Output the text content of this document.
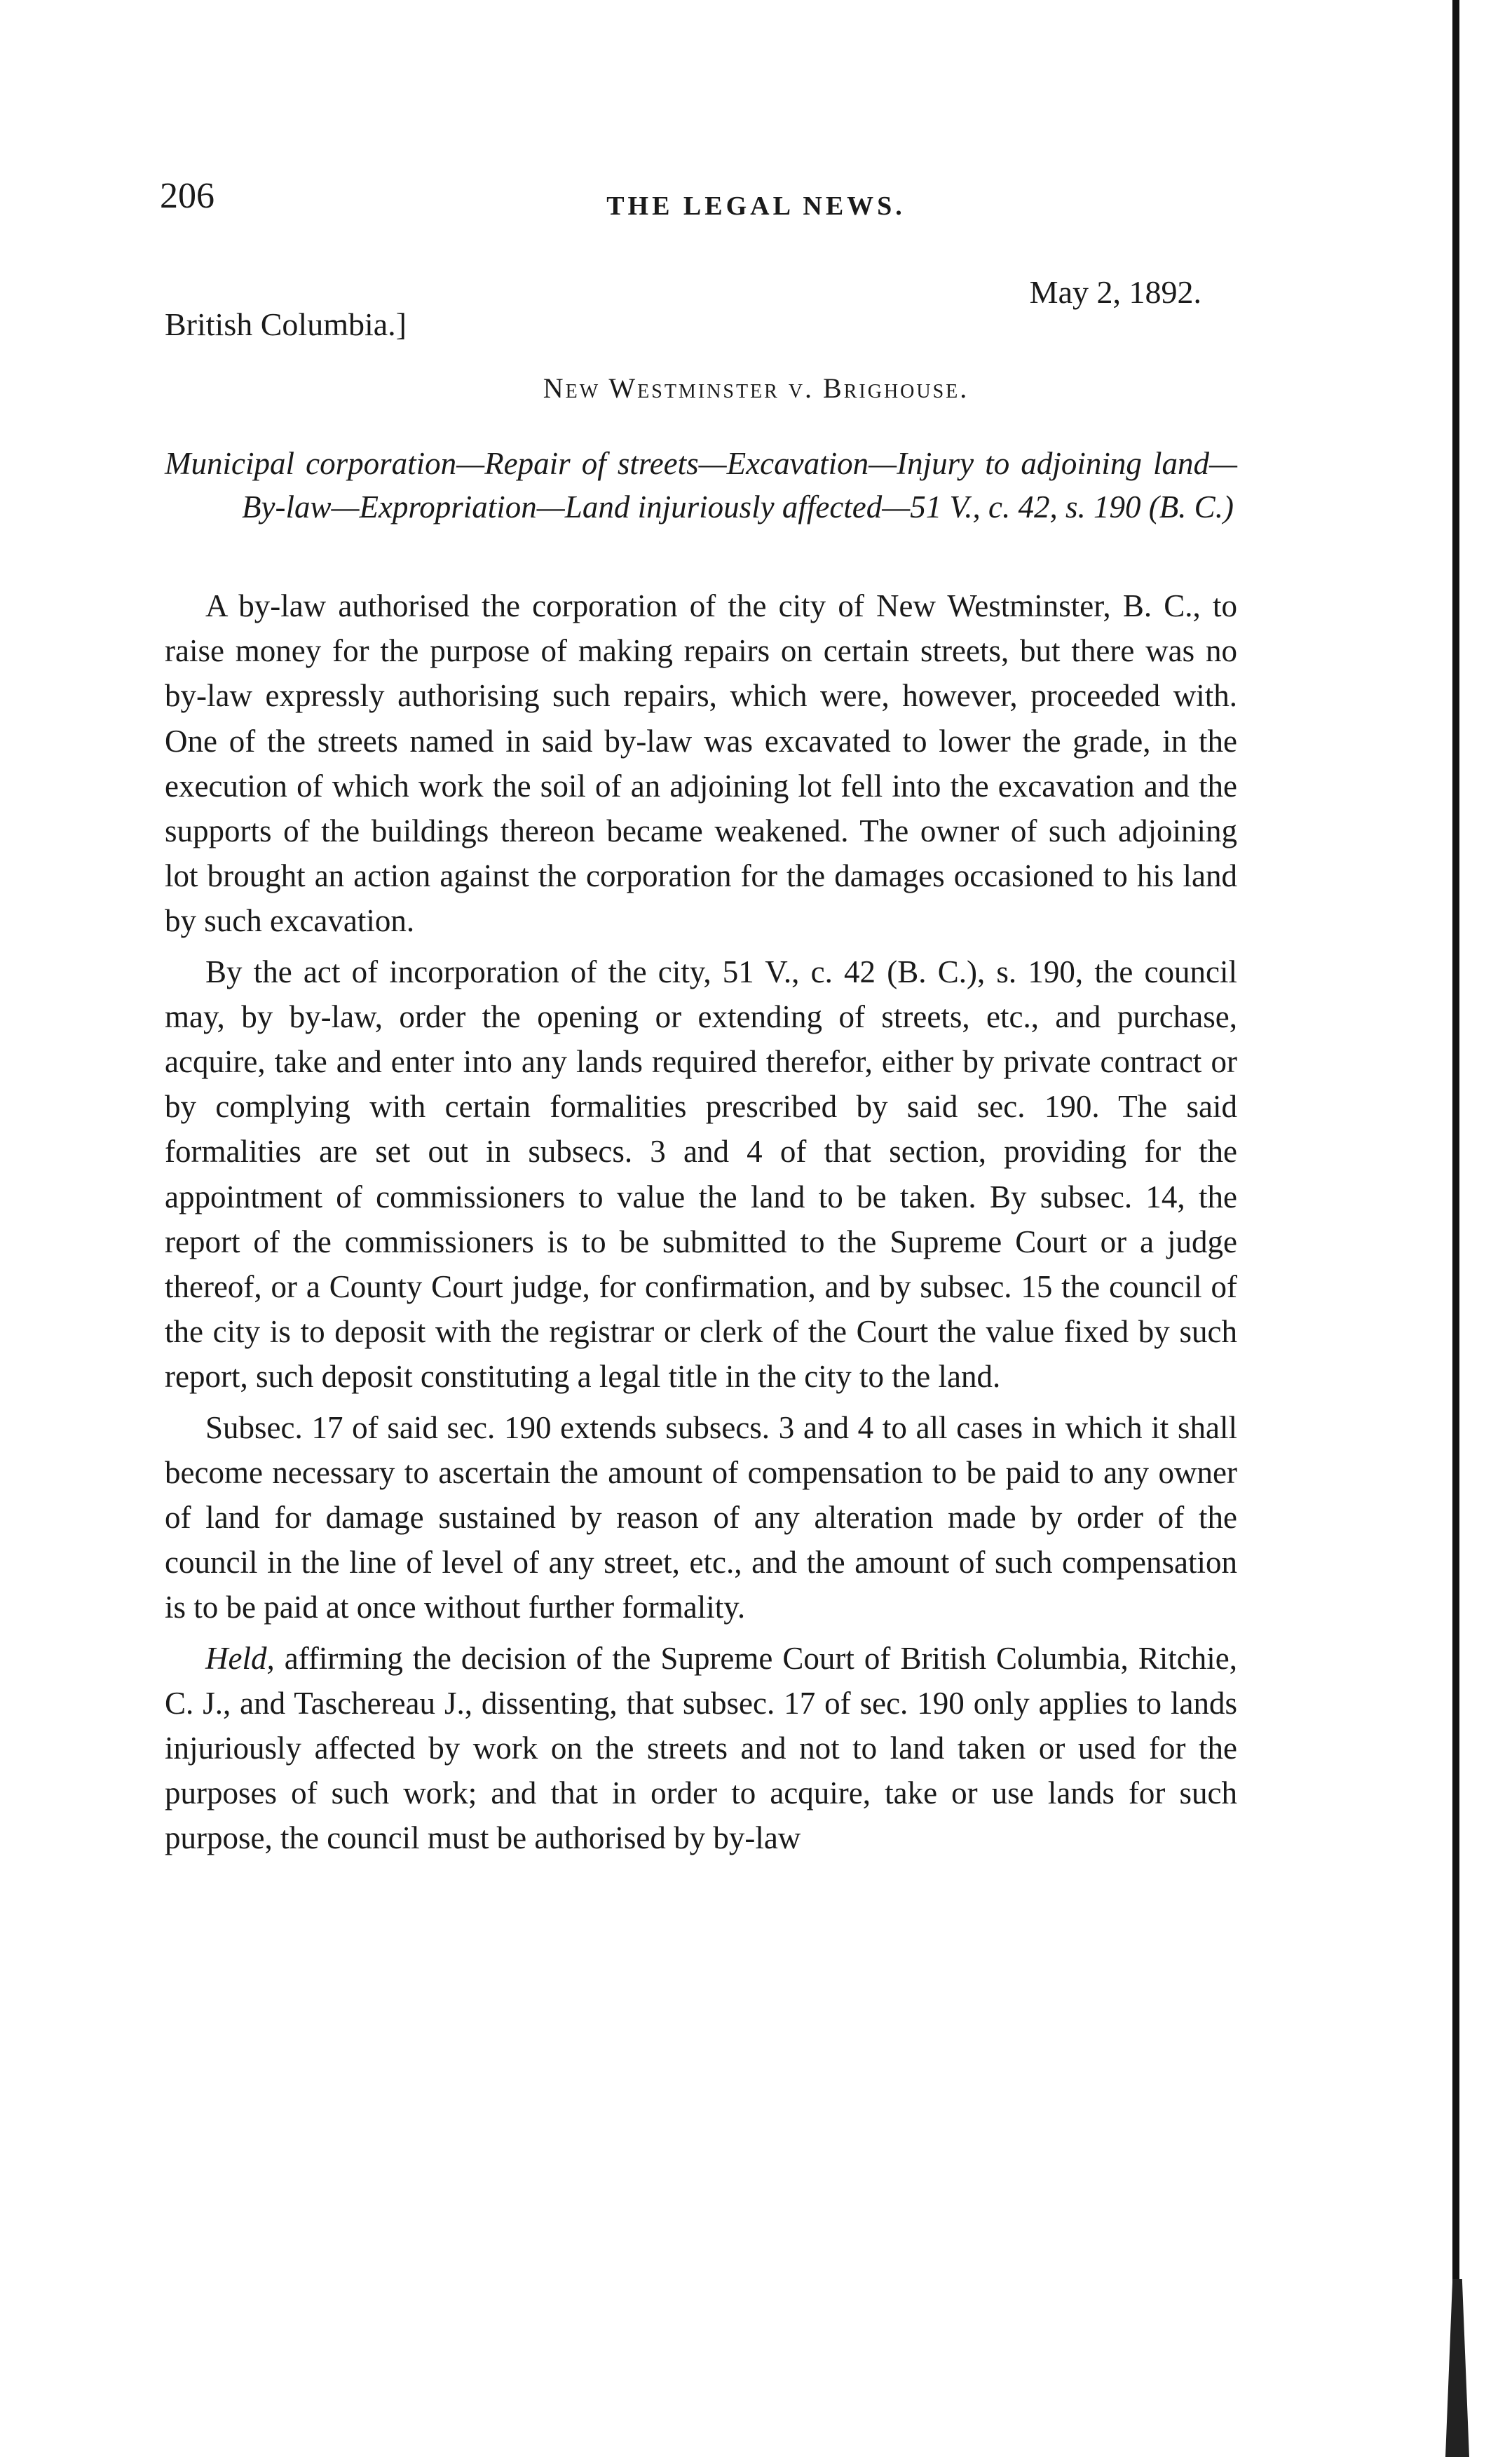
206	THE LEGAL NEWS.
May 2, 1892.
British Columbia.]
New Westminster v. Brighouse.
Municipal corporation—Repair of streets—Excavation—Injury to adjoining land—By-law—Expropriation—Land injuriously affected—51 V., c. 42, s. 190 (B. C.)

A by-law authorised the corporation of the city of New Westminster, B. C., to raise money for the purpose of making repairs on certain streets, but there was no by-law expressly authorising such repairs, which were, however, proceeded with. One of the streets named in said by-law was excavated to lower the grade, in the execution of which work the soil of an adjoining lot fell into the excavation and the supports of the buildings thereon became weakened. The owner of such adjoining lot brought an action against the corporation for the damages occasioned to his land by such excavation.

By the act of incorporation of the city, 51 V., c. 42 (B. C.), s. 190, the council may, by by-law, order the opening or extending of streets, etc., and purchase, acquire, take and enter into any lands required therefor, either by private contract or by complying with certain formalities prescribed by said sec. 190. The said formalities are set out in subsecs. 3 and 4 of that section, providing for the appointment of commissioners to value the land to be taken. By subsec. 14, the report of the commissioners is to be submitted to the Supreme Court or a judge thereof, or a County Court judge, for confirmation, and by subsec. 15 the council of the city is to deposit with the registrar or clerk of the Court the value fixed by such report, such deposit constituting a legal title in the city to the land.

Subsec. 17 of said sec. 190 extends subsecs. 3 and 4 to all cases in which it shall become necessary to ascertain the amount of compensation to be paid to any owner of land for damage sustained by reason of any alteration made by order of the council in the line of level of any street, etc., and the amount of such compensation is to be paid at once without further formality.

Held, affirming the decision of the Supreme Court of British Columbia, Ritchie, C. J., and Taschereau J., dissenting, that subsec. 17 of sec. 190 only applies to lands injuriously affected by work on the streets and not to land taken or used for the purposes of such work; and that in order to acquire, take or use lands for such purpose, the council must be authorised by by-law
